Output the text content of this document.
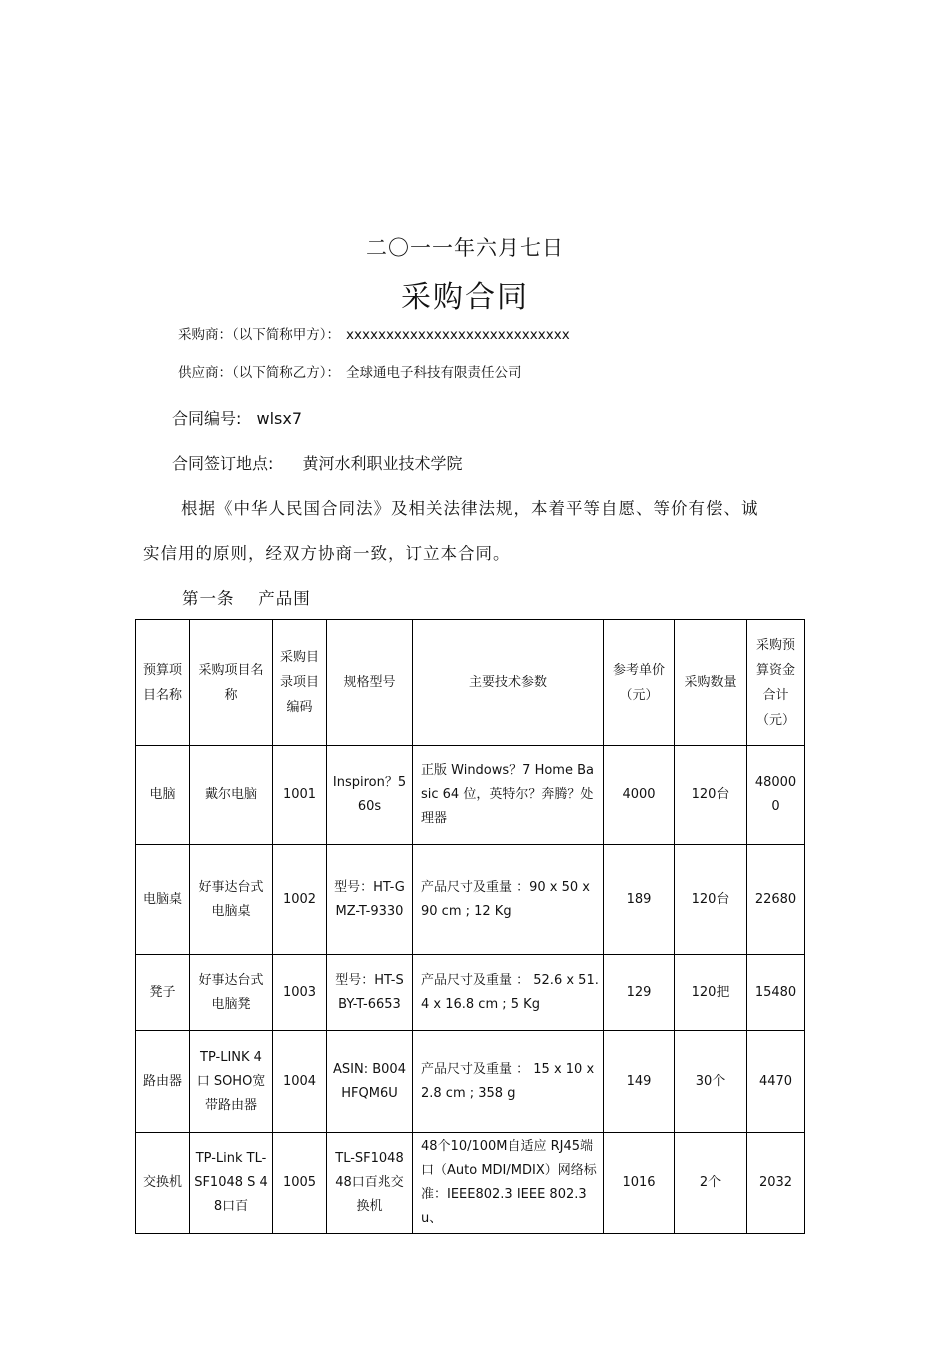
二〇一一年六月七日
采购合同
采购商：（以下简称甲方）： xxxxxxxxxxxxxxxxxxxxxxxxxxxx
供应商：（以下简称乙方）： 全球通电子科技有限责任公司
合同编号: wlsx7
合同签订地点: 黄河水利职业技术学院
根据《中华人民国合同法》及相关法律法规，本着平等自愿、等价有偿、诚
实信用的原则，经双方协商一致，订立本合同。
第一条　 产品围
预算项目名称	采购项目名称	采购目录项目编码	规格型号	主要技术参数	参考单价（元）	采购数量	采购预算资金合计（元）
电脑	戴尔电脑	1001	Inspiron？560s	正版 Windows？7 Home Basic 64 位，英特尔？奔腾？处理器	4000	120台	480000
电脑桌	好事达台式电脑桌	1002	型号：HT-GMZ-T-9330	产品尺寸及重量 ：90 x 50 x 90 cm ; 12 Kg	189	120台	22680
凳子	好事达台式电脑凳	1003	型号：HT-SBY-T-6653	产品尺寸及重量 ： 52.6 x 51.4 x 16.8 cm ; 5 Kg	129	120把	15480
路由器	TP-LINK 4口 SOHO宽带路由器	1004	ASIN: B004HFQM6U	产品尺寸及重量 ： 15 x 10 x 2.8 cm ; 358 g	149	30个	4470
交换机	TP-Link TL-SF1048 S 48口百	1005	TL-SF1048 48口百兆交换机	48个10/100M自适应 RJ45端口（Auto MDI/MDIX）网络标准：IEEE802.3 IEEE 802.3u、	1016	2个	2032
